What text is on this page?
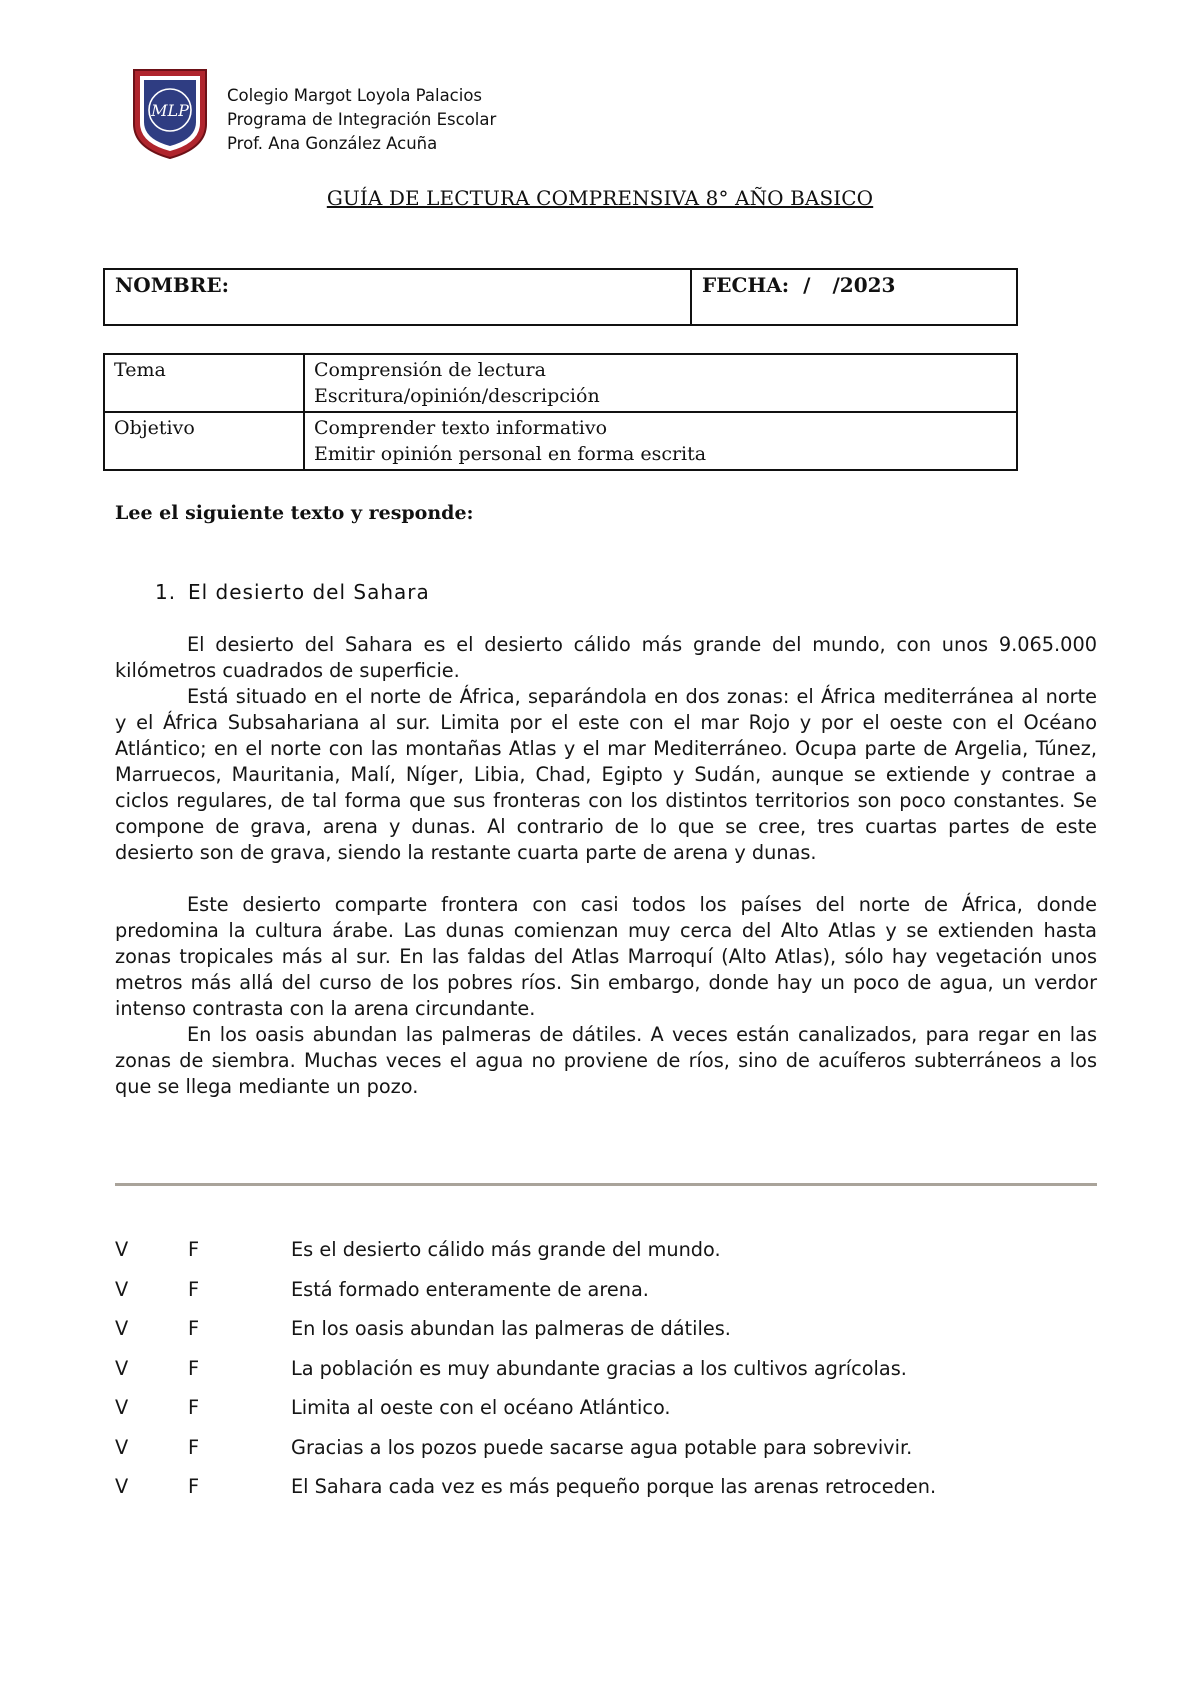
MLP
Colegio Margot Loyola Palacios
Programa de Integración Escolar
Prof. Ana González Acuña
GUÍA DE LECTURA COMPRENSIVA 8° AÑO BASICO
NOMBRE:	FECHA: / /2023
Tema	Comprensión de lectura
Escritura/opinión/descripción

Objetivo	Comprender texto informativo
Emitir opinión personal en forma escrita
Lee el siguiente texto y responde:
1. El desierto del Sahara

El desierto del Sahara es el desierto cálido más grande del mundo, con unos 9.065.000 kilómetros cuadrados de superficie.

Está situado en el norte de África, separándola en dos zonas: el África mediterránea al norte y el África Subsahariana al sur. Limita por el este con el mar Rojo y por el oeste con el Océano Atlántico; en el norte con las montañas Atlas y el mar Mediterráneo. Ocupa parte de Argelia, Túnez, Marruecos, Mauritania, Malí, Níger, Libia, Chad, Egipto y Sudán, aunque se extiende y contrae a ciclos regulares, de tal forma que sus fronteras con los distintos territorios son poco constantes. Se compone de grava, arena y dunas. Al contrario de lo que se cree, tres cuartas partes de este desierto son de grava, siendo la restante cuarta parte de arena y dunas.

Este desierto comparte frontera con casi todos los países del norte de África, donde predomina la cultura árabe. Las dunas comienzan muy cerca del Alto Atlas y se extienden hasta zonas tropicales más al sur. En las faldas del Atlas Marroquí (Alto Atlas), sólo hay vegetación unos metros más allá del curso de los pobres ríos. Sin embargo, donde hay un poco de agua, un verdor intenso contrasta con la arena circundante.

En los oasis abundan las palmeras de dátiles. A veces están canalizados, para regar en las zonas de siembra. Muchas veces el agua no proviene de ríos, sino de acuíferos subterráneos a los que se llega mediante un pozo.

V	F	Es el desierto cálido más grande del mundo.
V	F	Está formado enteramente de arena.
V	F	En los oasis abundan las palmeras de dátiles.
V	F	La población es muy abundante gracias a los cultivos agrícolas.
V	F	Limita al oeste con el océano Atlántico.
V	F	Gracias a los pozos puede sacarse agua potable para sobrevivir.
V	F	El Sahara cada vez es más pequeño porque las arenas retroceden.
